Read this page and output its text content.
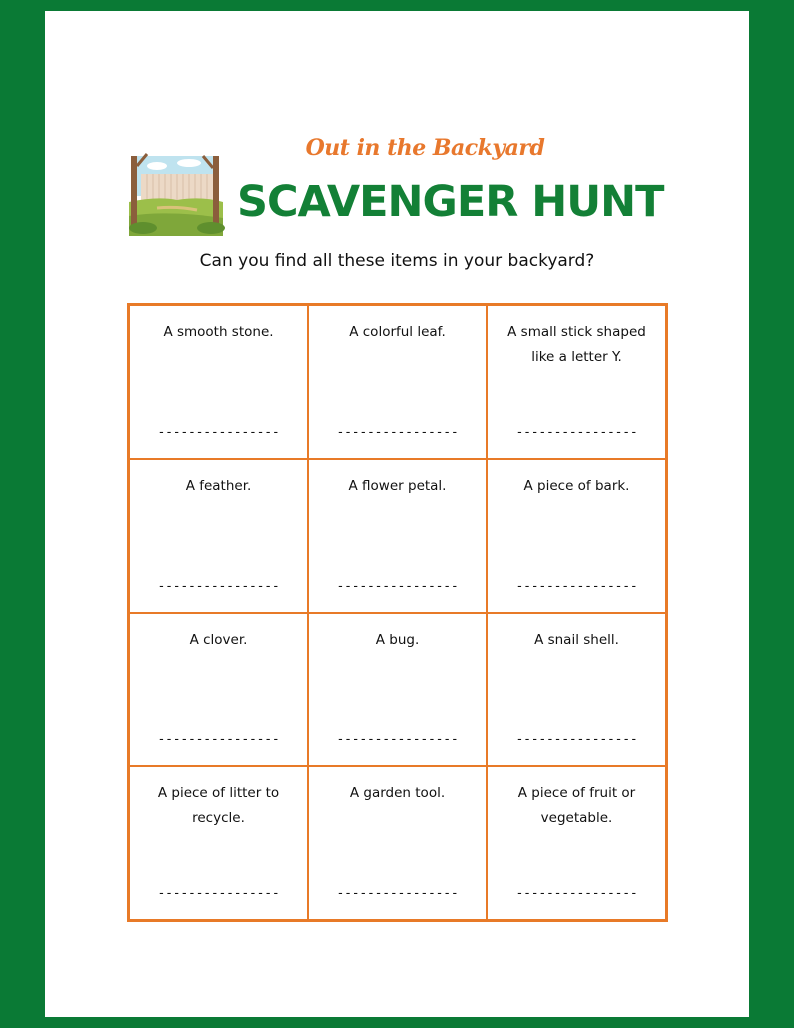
Out in the Backyard
SCAVENGER HUNT
Can you find all these items in your backyard?
A smooth stone.
----------------
A colorful leaf.
----------------
A small stick shaped like a letter Y.
----------------
A feather.
----------------
A flower petal.
----------------
A piece of bark.
----------------
A clover.
----------------
A bug.
----------------
A snail shell.
----------------
A piece of litter to recycle.
----------------
A garden tool.
----------------
A piece of fruit or vegetable.
----------------
